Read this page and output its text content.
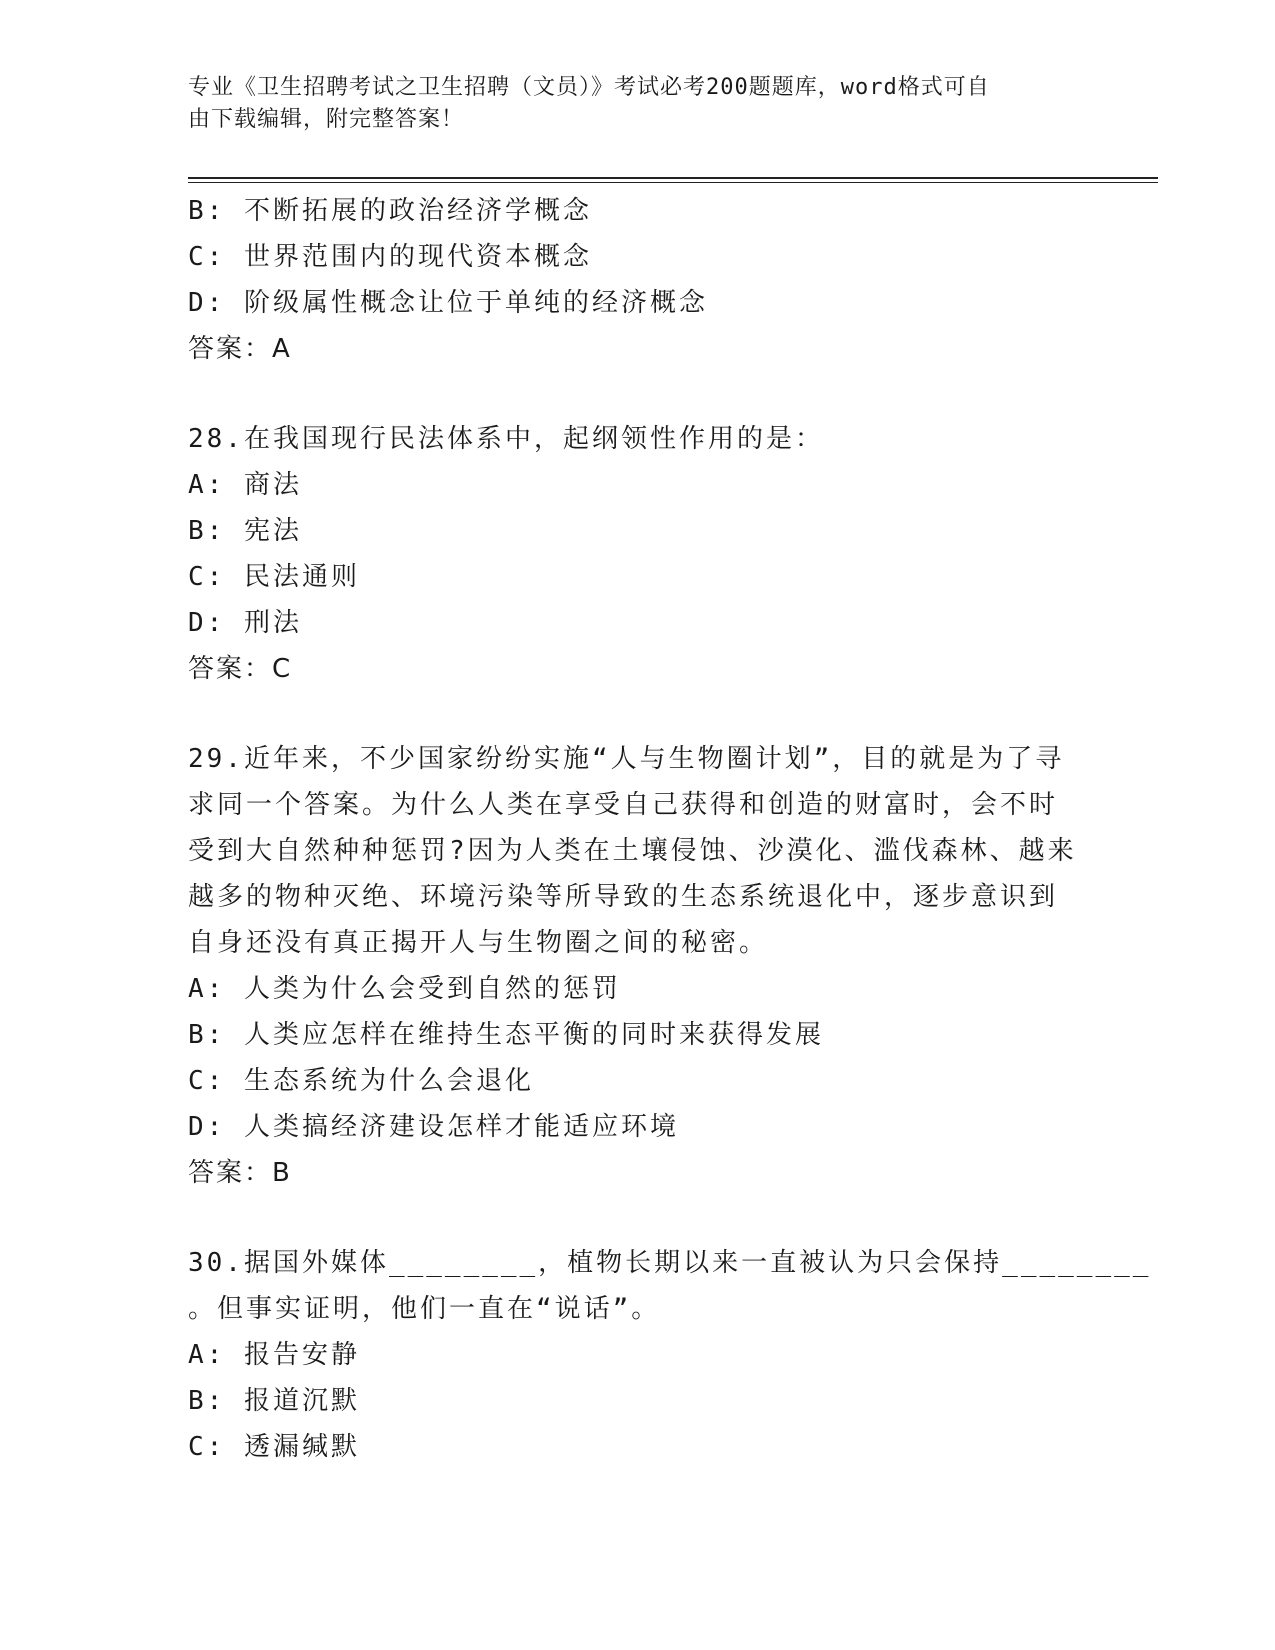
专业《卫生招聘考试之卫生招聘（文员）》考试必考200题题库，word格式可自
由下载编辑，附完整答案！
B: 不断拓展的政治经济学概念
C: 世界范围内的现代资本概念
D: 阶级属性概念让位于单纯的经济概念
答案：A
28.在我国现行民法体系中，起纲领性作用的是：
A: 商法
B: 宪法
C: 民法通则
D: 刑法
答案：C
29.近年来，不少国家纷纷实施“人与生物圈计划”，目的就是为了寻
求同一个答案。为什么人类在享受自己获得和创造的财富时，会不时
受到大自然种种惩罚?因为人类在土壤侵蚀、沙漠化、滥伐森林、越来
越多的物种灭绝、环境污染等所导致的生态系统退化中，逐步意识到
自身还没有真正揭开人与生物圈之间的秘密。
A: 人类为什么会受到自然的惩罚
B: 人类应怎样在维持生态平衡的同时来获得发展
C: 生态系统为什么会退化
D: 人类搞经济建设怎样才能适应环境
答案：B
30.据国外媒体________，植物长期以来一直被认为只会保持________
。但事实证明，他们一直在“说话”。
A: 报告安静
B: 报道沉默
C: 透漏缄默
